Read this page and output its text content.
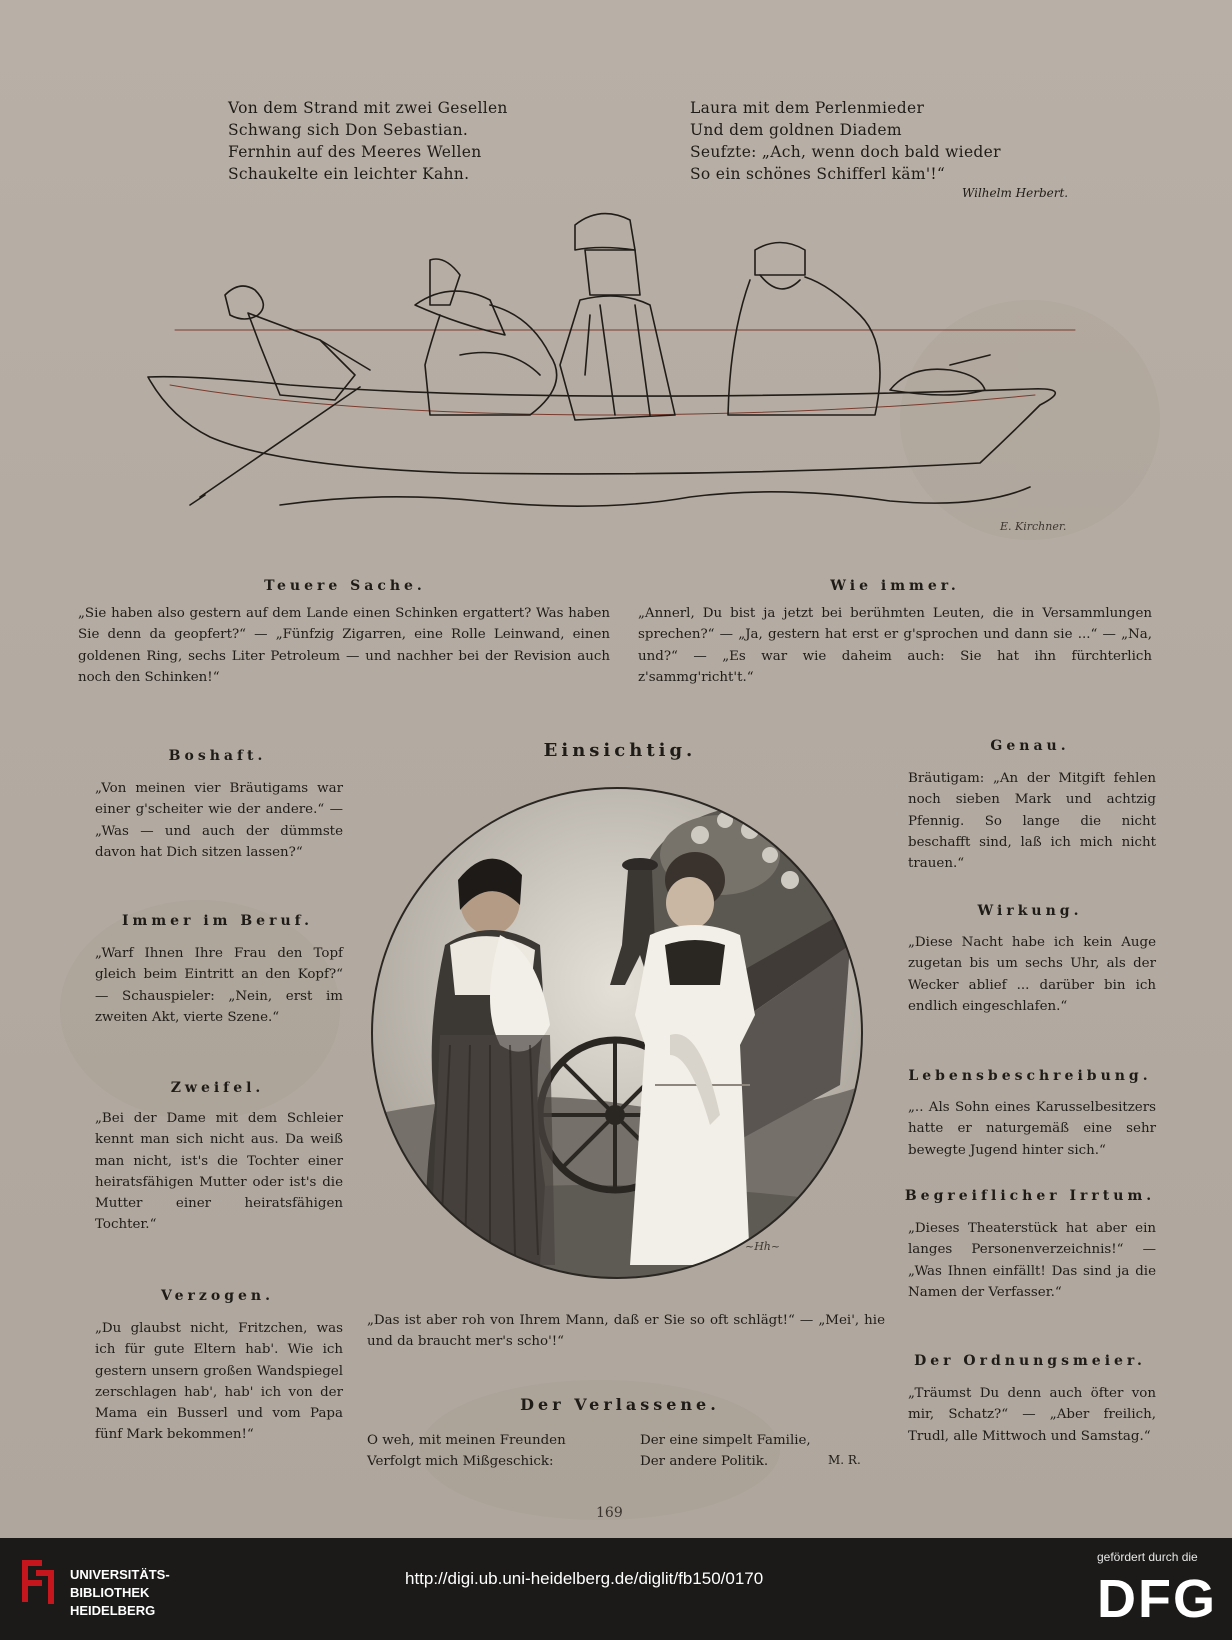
Von dem Strand mit zwei Gesellen
Schwang sich Don Sebastian.
Fernhin auf des Meeres Wellen
Schaukelte ein leichter Kahn.
Laura mit dem Perlenmieder
Und dem goldnen Diadem
Seufzte: „Ach, wenn doch bald wieder
So ein schönes Schifferl käm'!“
Wilhelm Herbert.
E. Kirchner.
Teuere Sache.
„Sie haben also gestern auf dem Lande einen Schinken ergattert? Was haben Sie denn da geopfert?“ — „Fünfzig Zigarren, eine Rolle Leinwand, einen goldenen Ring, sechs Liter Petroleum — und nachher bei der Revision auch noch den Schinken!“
Wie immer.
„Annerl, Du bist ja jetzt bei berühmten Leuten, die in Versammlungen sprechen?“ — „Ja, gestern hat erst er g'sprochen und dann sie ...“ — „Na, und?“ — „Es war wie daheim auch: Sie hat ihn fürchterlich z'sammg'richt't.“
Boshaft.
„Von meinen vier Bräutigams war einer g'scheiter wie der andere.“ — „Was — und auch der dümmste davon hat Dich sitzen lassen?“
Immer im Beruf.
„Warf Ihnen Ihre Frau den Topf gleich beim Eintritt an den Kopf?“ — Schauspieler: „Nein, erst im zweiten Akt, vierte Szene.“
Zweifel.
„Bei der Dame mit dem Schleier kennt man sich nicht aus. Da weiß man nicht, ist's die Tochter einer heiratsfähigen Mutter oder ist's die Mutter einer heiratsfähigen Tochter.“
Verzogen.
„Du glaubst nicht, Fritzchen, was ich für gute Eltern hab'. Wie ich gestern unsern großen Wandspiegel zerschlagen hab', hab' ich von der Mama ein Busserl und vom Papa fünf Mark bekommen!“
Einsichtig.
~Hh~
„Das ist aber roh von Ihrem Mann, daß er Sie so oft schlägt!“ — „Mei', hie und da braucht mer's scho'!“
Der Verlassene.
O weh, mit meinen Freunden
Verfolgt mich Mißgeschick:
Der eine simpelt Familie,
Der andere Politik.	M. R.
Genau.
Bräutigam: „An der Mitgift fehlen noch sieben Mark und achtzig Pfennig. So lange die nicht beschafft sind, laß ich mich nicht trauen.“
Wirkung.
„Diese Nacht habe ich kein Auge zugetan bis um sechs Uhr, als der Wecker ablief ... darüber bin ich endlich eingeschlafen.“
Lebensbeschreibung.
„.. Als Sohn eines Karusselbesitzers hatte er naturgemäß eine sehr bewegte Jugend hinter sich.“
Begreiflicher Irrtum.
„Dieses Theaterstück hat aber ein langes Personenverzeichnis!“ — „Was Ihnen einfällt! Das sind ja die Namen der Verfasser.“
Der Ordnungsmeier.
„Träumst Du denn auch öfter von mir, Schatz?“ — „Aber freilich, Trudl, alle Mittwoch und Samstag.“
169
UNIVERSITÄTS-
BIBLIOTHEK
HEIDELBERG
http://digi.ub.uni-heidelberg.de/diglit/fb150/0170
gefördert durch die
DFG
